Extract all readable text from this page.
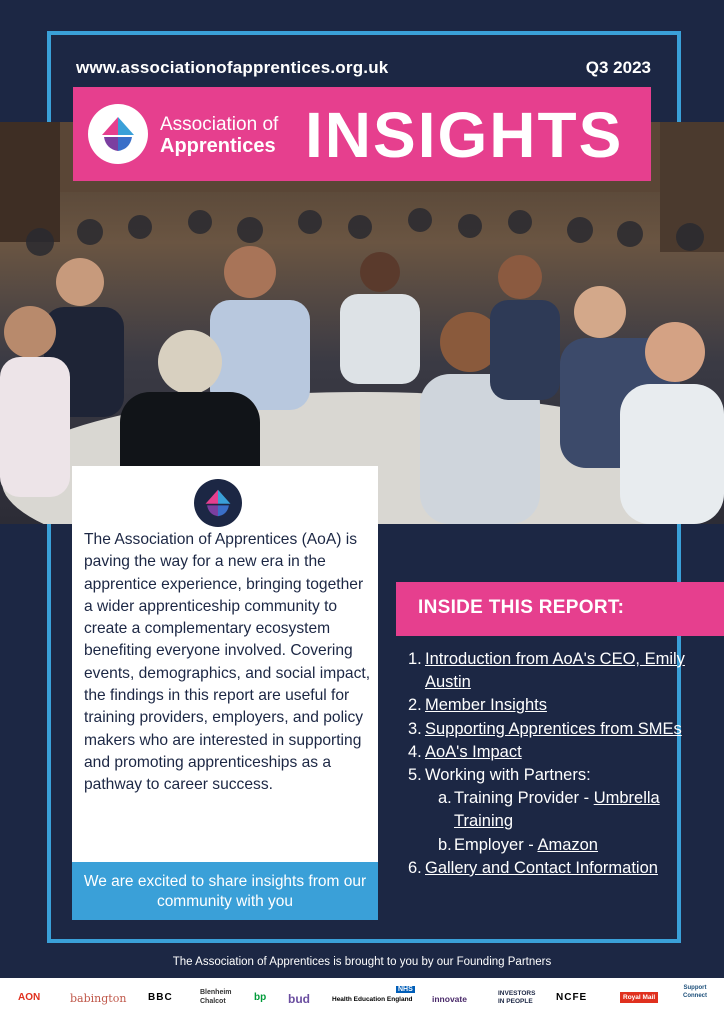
www.associationofapprentices.org.uk	Q3 2023
Association of
Apprentices INSIGHTS
The Association of Apprentices (AoA) is paving the way for a new era in the apprentice experience, bringing together a wider apprenticeship community to create a complementary ecosystem benefiting everyone involved. Covering events, demographics, and social impact, the findings in this report are useful for training providers, employers, and policy makers who are interested in supporting and promoting apprenticeships as a pathway to career success.
We are excited to share insights from our community with you
INSIDE THIS REPORT:
1. Introduction from AoA's CEO, Emily Austin
2. Member Insights
3. Supporting Apprentices from SMEs
4. AoA's Impact
5. Working with Partners:
a. Training Provider - Umbrella Training
b. Employer - Amazon
6. Gallery and Contact Information
The Association of Apprentices is brought to you by our Founding Partners
AON	babington BBC	Blenheim Chalcot	bp bud	Health Education England
NHS
innovate
INVESTORS IN PEOPLE	NCFE	Royal Mail
Support Connect
